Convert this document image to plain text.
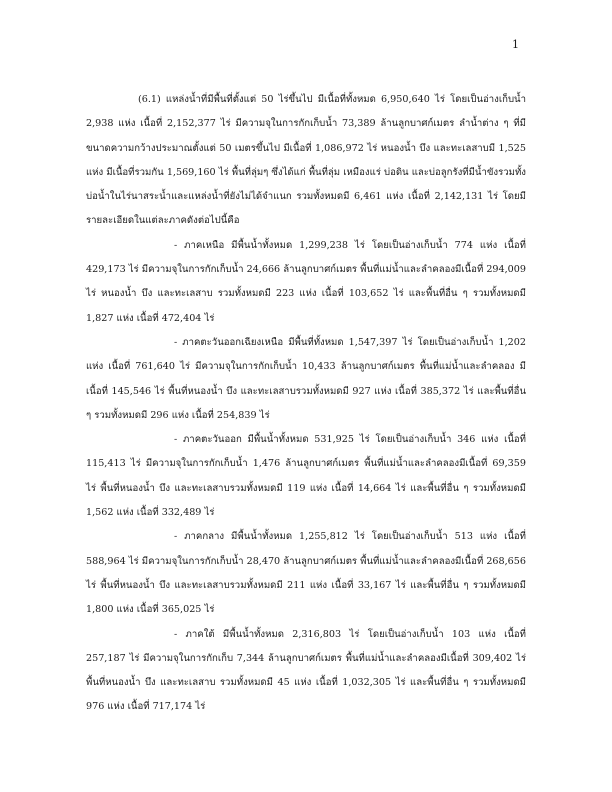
1

(6.1) แหล่งน้ำที่มีพื้นที่ตั้งแต่ 50 ไร่ขึ้นไป มีเนื้อที่ทั้งหมด 6,950,640 ไร่ โดยเป็นอ่างเก็บน้ำ 2,938 แห่ง เนื้อที่ 2,152,377 ไร่ มีความจุในการกักเก็บน้ำ 73,389 ล้านลูกบาศก์เมตร ลำน้ำต่าง ๆ ที่มีขนาดความกว้างประมาณตั้งแต่ 50 เมตรขึ้นไป มีเนื้อที่ 1,086,972 ไร่ หนองน้ำ บึง และทะเลสาบมี 1,525 แห่ง มีเนื้อที่รวมกัน 1,569,160 ไร่ พื้นที่ลุ่มๆ ซึ่งได้แก่ พื้นที่ลุ่ม เหมืองแร่ บ่อดิน และบ่อลูกรังที่มีน้ำขังรวมทั้งบ่อน้ำในไร่นาสระน้ำและแหล่งน้ำที่ยังไม่ได้จำแนก รวมทั้งหมดมี 6,461 แห่ง เนื้อที่ 2,142,131 ไร่ โดยมีรายละเอียดในแต่ละภาคดังต่อไปนี้คือ

- ภาคเหนือ มีพื้นน้ำทั้งหมด 1,299,238 ไร่ โดยเป็นอ่างเก็บน้ำ 774 แห่ง เนื้อที่ 429,173 ไร่ มีความจุในการกักเก็บน้ำ 24,666 ล้านลูกบาศก์เมตร พื้นที่แม่น้ำและลำคลองมีเนื้อที่ 294,009 ไร่ หนองน้ำ บึง และทะเลสาบ รวมทั้งหมดมี 223 แห่ง เนื้อที่ 103,652 ไร่ และพื้นที่อื่น ๆ รวมทั้งหมดมี 1,827 แห่ง เนื้อที่ 472,404 ไร่

- ภาคตะวันออกเฉียงเหนือ มีพื้นที่ทั้งหมด 1,547,397 ไร่ โดยเป็นอ่างเก็บน้ำ 1,202 แห่ง เนื้อที่ 761,640 ไร่ มีความจุในการกักเก็บน้ำ 10,433 ล้านลูกบาศก์เมตร พื้นที่แม่น้ำและลำคลอง มีเนื้อที่ 145,546 ไร่ พื้นที่หนองน้ำ บึง และทะเลสาบรวมทั้งหมดมี 927 แห่ง เนื้อที่ 385,372 ไร่ และพื้นที่อื่น ๆ รวมทั้งหมดมี 296 แห่ง เนื้อที่ 254,839 ไร่

- ภาคตะวันออก มีพื้นน้ำทั้งหมด 531,925 ไร่ โดยเป็นอ่างเก็บน้ำ 346 แห่ง เนื้อที่ 115,413 ไร่ มีความจุในการกักเก็บน้ำ 1,476 ล้านลูกบาศก์เมตร พื้นที่แม่น้ำและลำคลองมีเนื้อที่ 69,359 ไร่ พื้นที่หนองน้ำ บึง และทะเลสาบรวมทั้งหมดมี 119 แห่ง เนื้อที่ 14,664 ไร่ และพื้นที่อื่น ๆ รวมทั้งหมดมี 1,562 แห่ง เนื้อที่ 332,489 ไร่

- ภาคกลาง มีพื้นน้ำทั้งหมด 1,255,812 ไร่ โดยเป็นอ่างเก็บน้ำ 513 แห่ง เนื้อที่ 588,964 ไร่ มีความจุในการกักเก็บน้ำ 28,470 ล้านลูกบาศก์เมตร พื้นที่แม่น้ำและลำคลองมีเนื้อที่ 268,656 ไร่ พื้นที่หนองน้ำ บึง และทะเลสาบรวมทั้งหมดมี 211 แห่ง เนื้อที่ 33,167 ไร่ และพื้นที่อื่น ๆ รวมทั้งหมดมี 1,800 แห่ง เนื้อที่ 365,025 ไร่

- ภาคใต้ มีพื้นน้ำทั้งหมด 2,316,803 ไร่ โดยเป็นอ่างเก็บน้ำ 103 แห่ง เนื้อที่ 257,187 ไร่ มีความจุในการกักเก็บ 7,344 ล้านลูกบาศก์เมตร พื้นที่แม่น้ำและลำคลองมีเนื้อที่ 309,402 ไร่ พื้นที่หนองน้ำ บึง และทะเลสาบ รวมทั้งหมดมี 45 แห่ง เนื้อที่ 1,032,305 ไร่ และพื้นที่อื่น ๆ รวมทั้งหมดมี 976 แห่ง เนื้อที่ 717,174 ไร่
